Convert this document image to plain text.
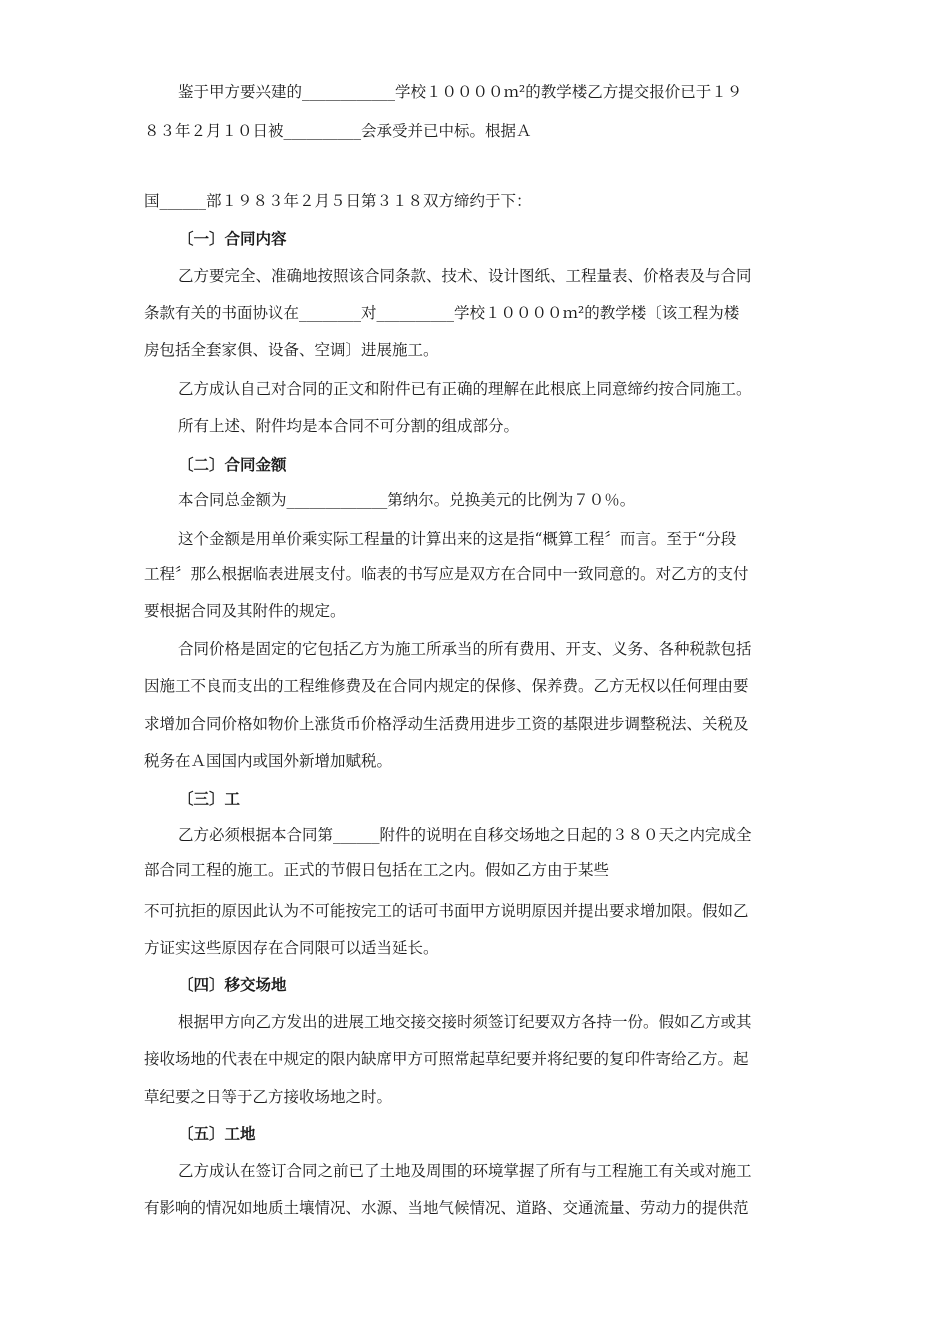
鉴于甲方要兴建的____________学校１００００ｍ²的教学楼乙方提交报价已于１９
８３年２月１０日被__________会承受并已中标。根据Ａ
国______部１９８３年２月５日第３１８双方缔约于下：
〔一〕合同内容
乙方要完全、准确地按照该合同条款、技术、设计图纸、工程量表、价格表及与合同
条款有关的书面协议在________对__________学校１００００ｍ²的教学楼〔该工程为楼
房包括全套家俱、设备、空调〕进展施工。
乙方成认自己对合同的正文和附件已有正确的理解在此根底上同意缔约按合同施工。
所有上述、附件均是本合同不可分割的组成部分。
〔二〕合同金额
本合同总金额为_____________第纳尔。兑换美元的比例为７０％。
这个金额是用单价乘实际工程量的计算出来的这是指“概算工程〞而言。至于“分段
工程〞那么根据临表进展支付。临表的书写应是双方在合同中一致同意的。对乙方的支付
要根据合同及其附件的规定。
合同价格是固定的它包括乙方为施工所承当的所有费用、开支、义务、各种税款包括
因施工不良而支出的工程维修费及在合同内规定的保修、保养费。乙方无权以任何理由要
求增加合同价格如物价上涨货币价格浮动生活费用进步工资的基限进步调整税法、关税及
税务在Ａ国国内或国外新增加赋税。
〔三〕工
乙方必须根据本合同第______附件的说明在自移交场地之日起的３８０天之内完成全
部合同工程的施工。正式的节假日包括在工之内。假如乙方由于某些
不可抗拒的原因此认为不可能按完工的话可书面甲方说明原因并提出要求增加限。假如乙
方证实这些原因存在合同限可以适当延长。
〔四〕移交场地
根据甲方向乙方发出的进展工地交接交接时须签订纪要双方各持一份。假如乙方或其
接收场地的代表在中规定的限内缺席甲方可照常起草纪要并将纪要的复印件寄给乙方。起
草纪要之日等于乙方接收场地之时。
〔五〕工地
乙方成认在签订合同之前已了土地及周围的环境掌握了所有与工程施工有关或对施工
有影响的情况如地质土壤情况、水源、当地气候情况、道路、交通流量、劳动力的提供范
